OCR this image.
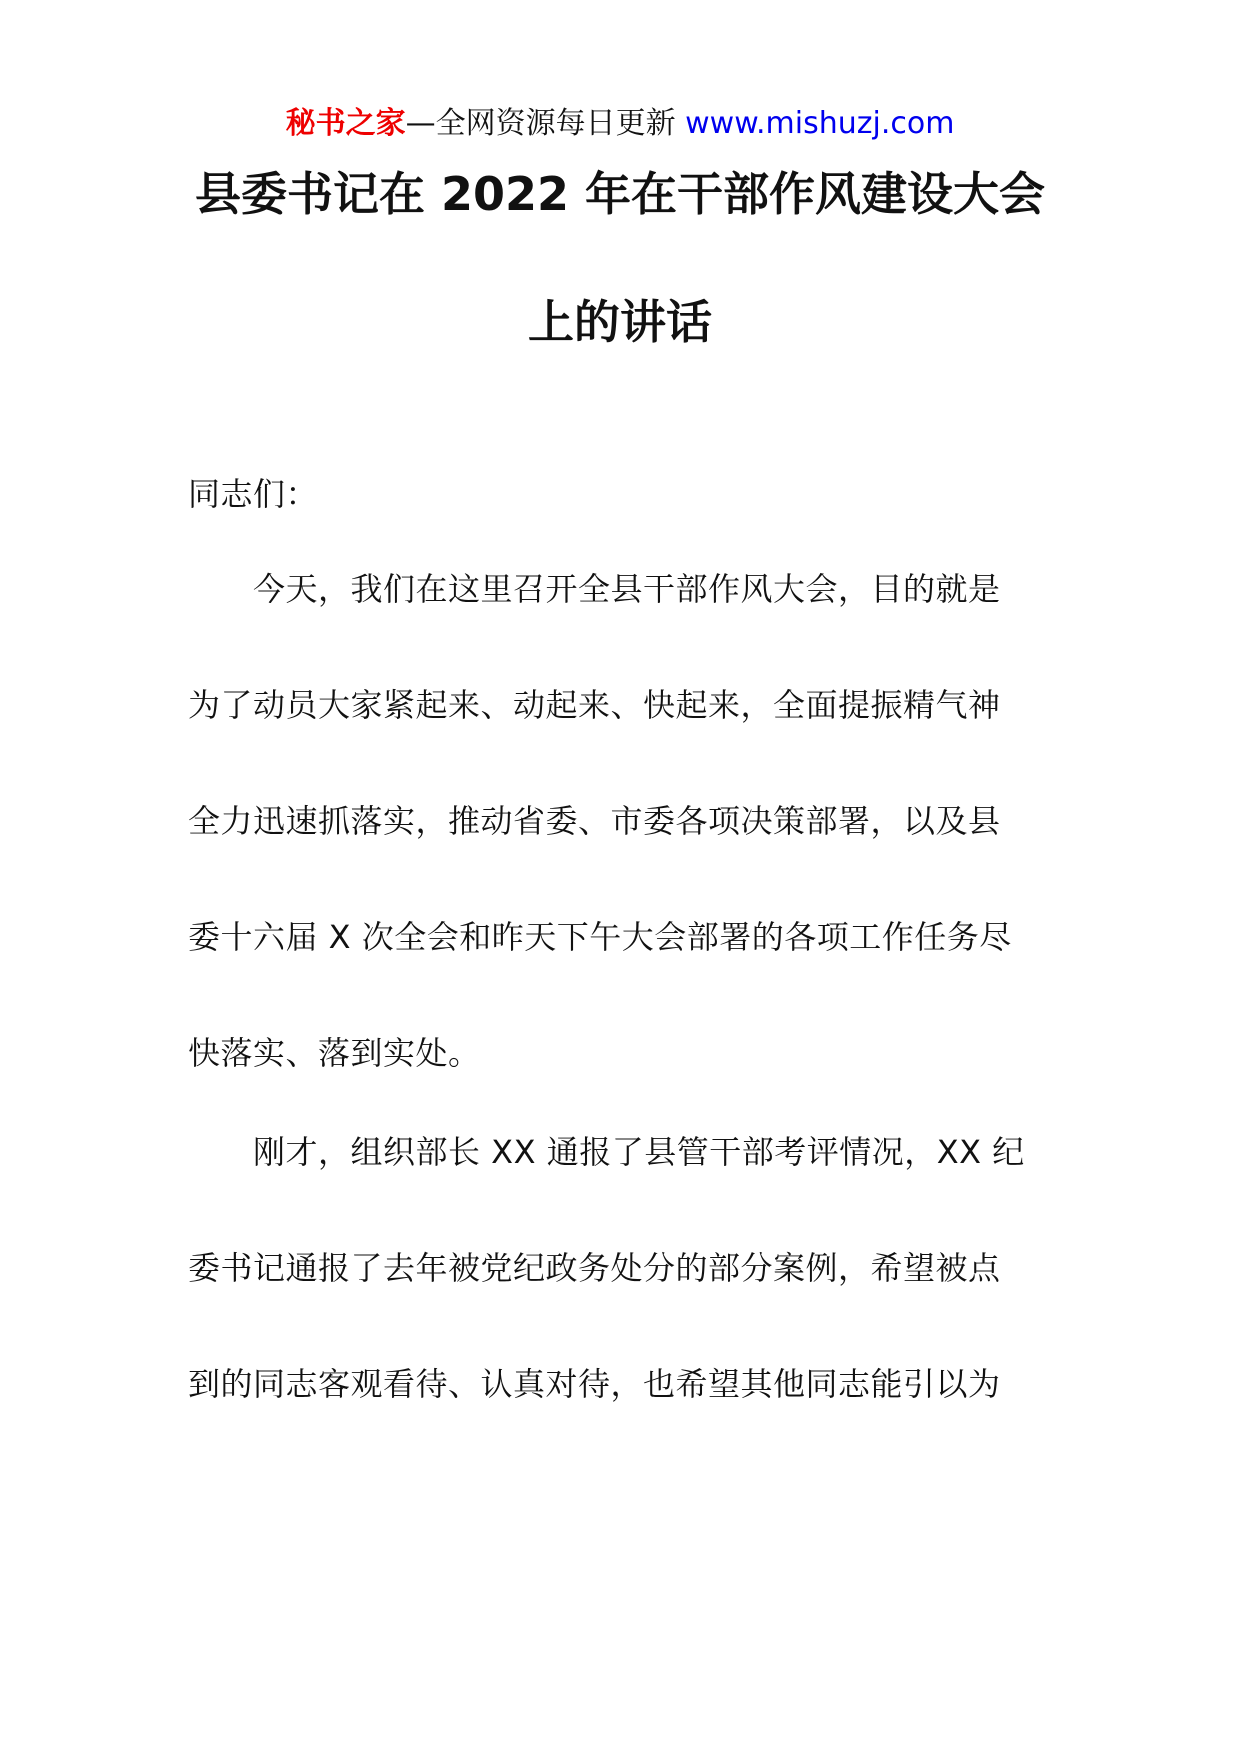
秘书之家—全网资源每日更新 www.mishuzj.com
县委书记在 2022 年在干部作风建设大会
上的讲话
同志们：
今天，我们在这里召开全县干部作风大会，目的就是
为了动员大家紧起来、动起来、快起来，全面提振精气神
全力迅速抓落实，推动省委、市委各项决策部署，以及县
委十六届 X 次全会和昨天下午大会部署的各项工作任务尽
快落实、落到实处。
刚才，组织部长 XX 通报了县管干部考评情况，XX 纪
委书记通报了去年被党纪政务处分的部分案例，希望被点
到的同志客观看待、认真对待，也希望其他同志能引以为
